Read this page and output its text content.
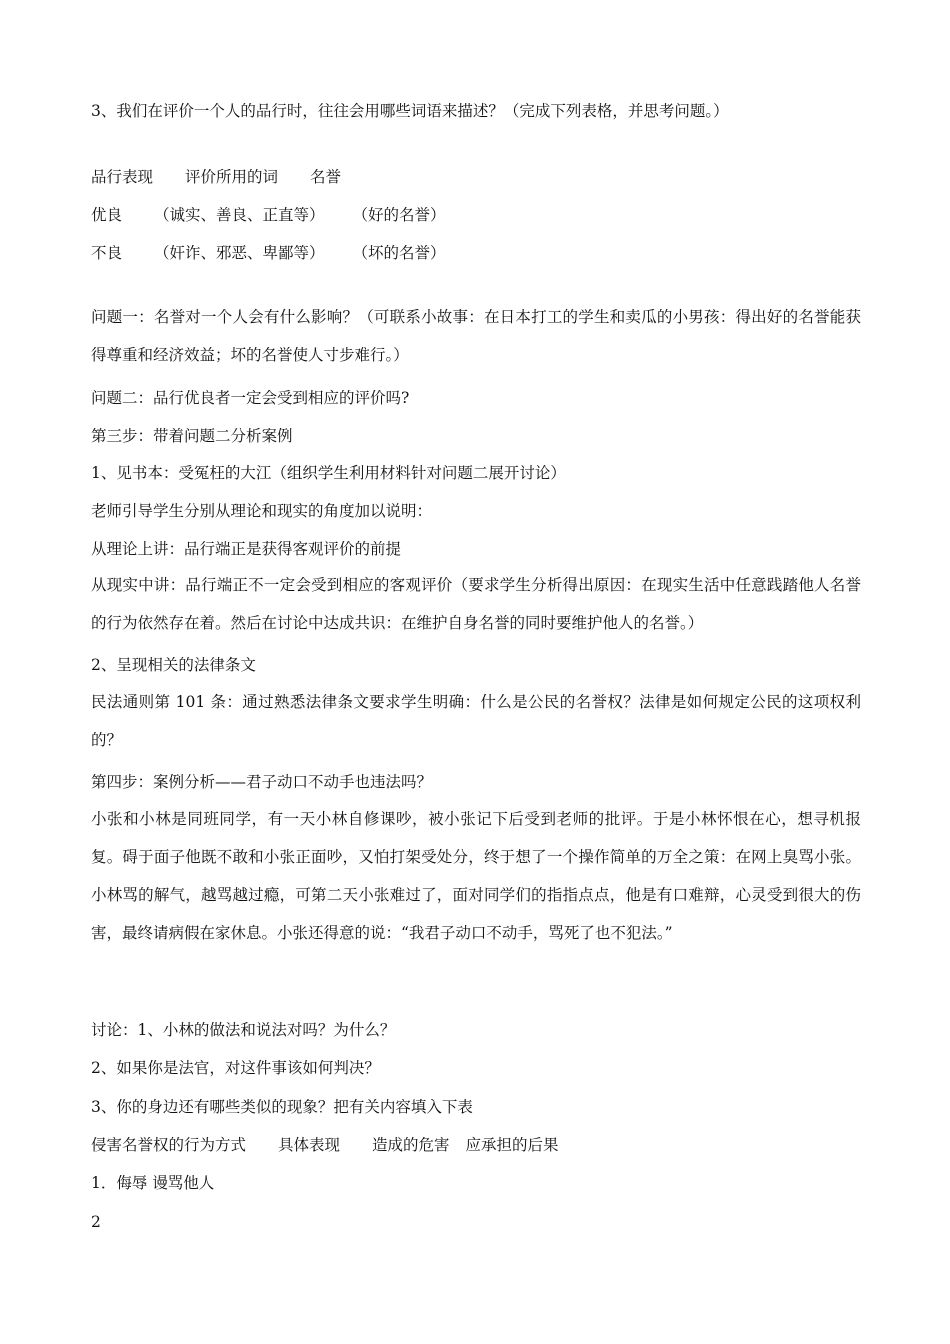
3、我们在评价一个人的品行时，往往会用哪些词语来描述？（完成下列表格，并思考问题。）
品行表现 评价所用的词 名誉
优良 （诚实、善良、正直等） （好的名誉）
不良 （奸诈、邪恶、卑鄙等） （坏的名誉）
问题一：名誉对一个人会有什么影响？（可联系小故事：在日本打工的学生和卖瓜的小男孩：得出好的名誉能获得尊重和经济效益；坏的名誉使人寸步难行。）
问题二：品行优良者一定会受到相应的评价吗?
第三步：带着问题二分析案例
1、见书本：受冤枉的大江（组织学生利用材料针对问题二展开讨论）
老师引导学生分别从理论和现实的角度加以说明：
从理论上讲：品行端正是获得客观评价的前提
从现实中讲：品行端正不一定会受到相应的客观评价（要求学生分析得出原因：在现实生活中任意践踏他人名誉的行为依然存在着。然后在讨论中达成共识：在维护自身名誉的同时要维护他人的名誉。）
2、呈现相关的法律条文
民法通则第 101 条：通过熟悉法律条文要求学生明确：什么是公民的名誉权？法律是如何规定公民的这项权利的？
第四步：案例分析——君子动口不动手也违法吗？
小张和小林是同班同学，有一天小林自修课吵，被小张记下后受到老师的批评。于是小林怀恨在心，想寻机报复。碍于面子他既不敢和小张正面吵，又怕打架受处分，终于想了一个操作简单的万全之策：在网上臭骂小张。小林骂的解气，越骂越过瘾，可第二天小张难过了，面对同学们的指指点点，他是有口难辩，心灵受到很大的伤害，最终请病假在家休息。小张还得意的说：“我君子动口不动手，骂死了也不犯法。”
讨论：1、小林的做法和说法对吗？为什么？
2、如果你是法官，对这件事该如何判决？
3、你的身边还有哪些类似的现象？把有关内容填入下表
侵害名誉权的行为方式 具体表现 造成的危害 应承担的后果
1．侮辱 谩骂他人
2
